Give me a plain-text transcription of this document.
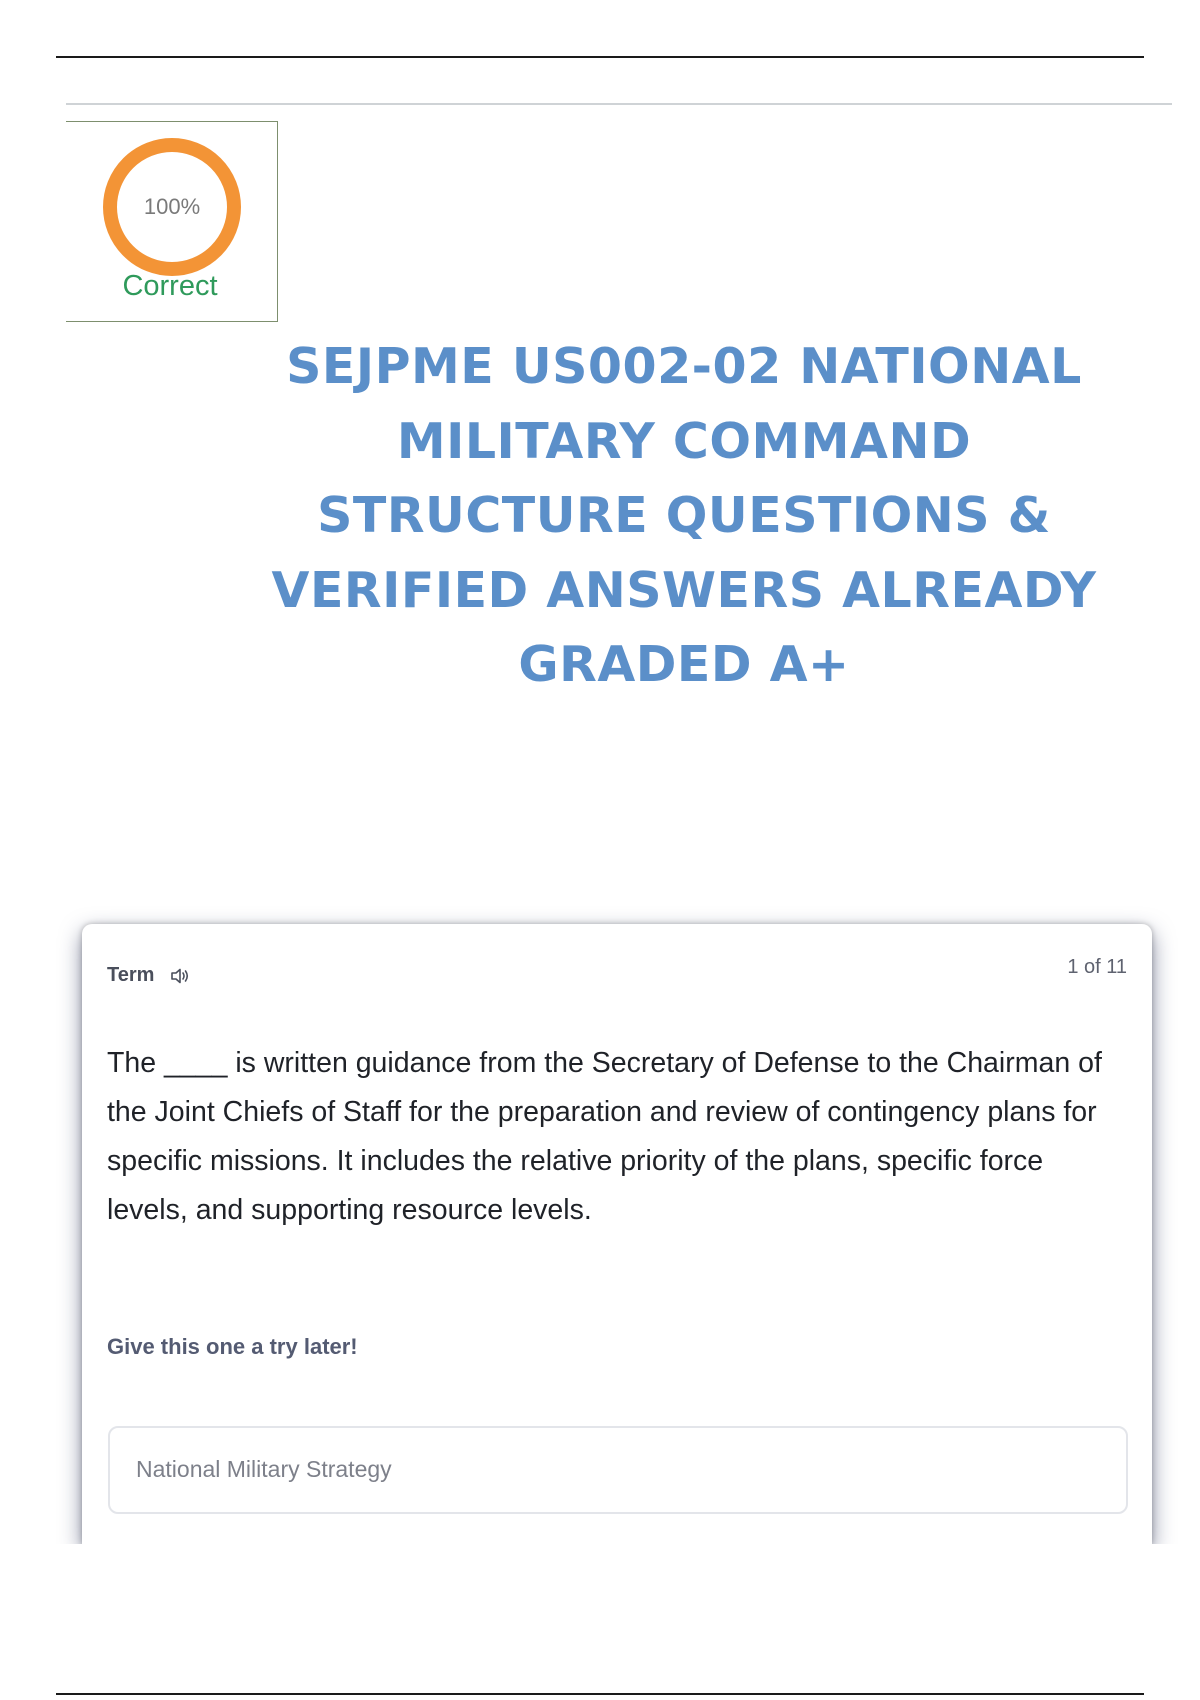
100%
Correct
SEJPME US002-02 NATIONAL
MILITARY COMMAND
STRUCTURE QUESTIONS &
VERIFIED ANSWERS ALREADY
GRADED A+
Term	1 of 11
The ____ is written guidance from the Secretary of Defense to the Chairman of the Joint Chiefs of Staff for the preparation and review of contingency plans for specific missions. It includes the relative priority of the plans, specific force levels, and supporting resource levels.
Give this one a try later!
National Military Strategy
